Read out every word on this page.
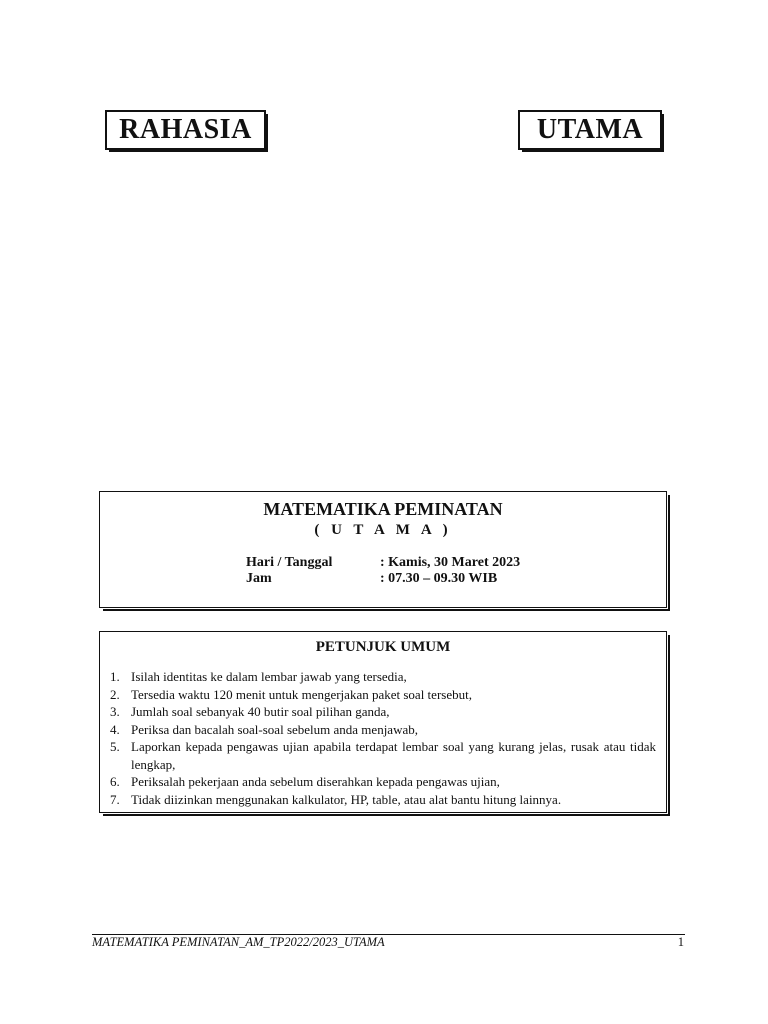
RAHASIA	UTAMA
MATEMATIKA PEMINATAN
( U T A M A )
Hari / Tanggal	: Kamis, 30 Maret 2023
Jam	: 07.30 – 09.30 WIB
PETUNJUK UMUM
1. Isilah identitas ke dalam lembar jawab yang tersedia,
2. Tersedia waktu 120 menit untuk mengerjakan paket soal tersebut,
3. Jumlah soal sebanyak 40 butir soal pilihan ganda,
4. Periksa dan bacalah soal-soal sebelum anda menjawab,
5. Laporkan kepada pengawas ujian apabila terdapat lembar soal yang kurang jelas, rusak atau tidak lengkap,
6. Periksalah pekerjaan anda sebelum diserahkan kepada pengawas ujian,
7. Tidak diizinkan menggunakan kalkulator, HP, table, atau alat bantu hitung lainnya.
MATEMATIKA PEMINATAN_AM_TP2022/2023_UTAMA	1
